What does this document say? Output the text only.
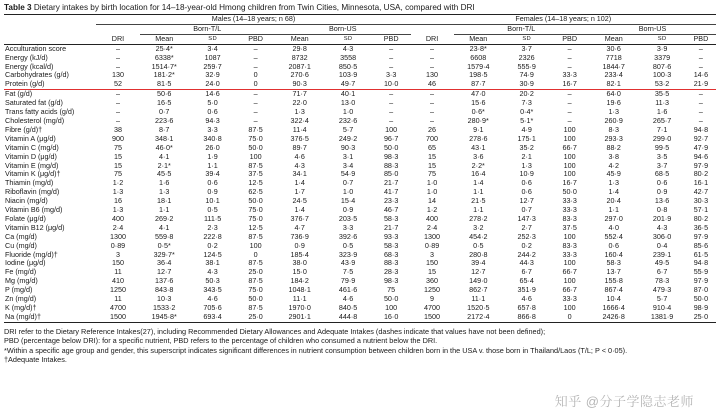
Table 3 Dietary intakes by birth location for 14–18-year-old Hmong children from Twin Cities, Minnesota, USA, compared with DRI
	Males (14–18 years; n 68)							Females (14–18 years; n 102)						
		Born-T/L			Born-US				Born-T/L			Born-US		
	DRI	Mean	SD	PBD	Mean	SD	PBD	DRI	Mean	SD	PBD	Mean	SD	PBD
Acculturation score	–	25·4*	3·4	–	29·8	4·3	–	–	23·8*	3·7	–	30·6	3·9	–
Energy (kJ/d)	–	6338*	1087	–	8732	3558	–	–	6608	2326	–	7718	3379	–
Energy (kcal/d)	–	1514·7*	259·7	–	2087·1	850·5	–	–	1579·4	555·9	–	1844·7	807·6	–
Carbohydrates (g/d)	130	181·2*	32·9	0	270·6	103·9	3·3	130	198·5	74·9	33·3	233·4	100·3	14·6
Protein (g/d)	52	81·5	24·0	0	90·3	49·7	10·0	46	87·7	30·9	16·7	82·1	53·2	21·9
Fat (g/d)	–	50·6	14·6	–	71·7	40·1	–	–	47·0	20·2	–	64·0	35·5	–
Saturated fat (g/d)	–	16·5	5·0	–	22·0	13·0	–	–	15·6	7·3	–	19·6	11·3	–
Trans fatty acids (g/d)	–	0·7	0·6	–	1·3	1·0	–	–	0·6*	0·4*	–	1·3	1·6	–
Cholesterol (mg/d)	–	223·6	94·3	–	322·4	232·6	–	–	280·9*	5·1*	–	260·9	265·7	–
Fibre (g/d)†	38	8·7	3·3	87·5	11·4	5·7	100	26	9·1	4·9	100	8·3	7·1	94·8
Vitamin A (μg/d)	900	348·1	340·8	75·0	376·5	249·2	96·7	700	278·6	175·1	100	293·3	299·0	92·7
Vitamin C (mg/d)	75	46·0*	26·0	50·0	89·7	90·3	50·0	65	43·1	35·2	66·7	88·2	99·5	47·9
Vitamin D (μg/d)	15	4·1	1·9	100	4·6	3·1	98·3	15	3·6	2·1	100	3·8	3·5	94·6
Vitamin E (mg/d)	15	2·1*	1·1	87·5	4·3	3·4	88·3	15	2·2*	1·3	100	4·2	3·7	97·9
Vitamin K (μg/d)†	75	45·5	39·4	37·5	34·1	54·9	85·0	75	16·4	10·9	100	45·9	68·5	80·2
Thiamin (mg/d)	1·2	1·6	0·6	12·5	1·4	0·7	21·7	1·0	1·4	0·6	16·7	1·3	0·6	16·1
Riboflavin (mg/d)	1·3	1·3	0·9	62·5	1·7	1·0	41·7	1·0	1·1	0·6	50·0	1·4	0·9	42·7
Niacin (mg/d)	16	18·1	10·1	50·0	24·5	15·4	23·3	14	21·5	12·7	33·3	20·4	13·6	30·3
Vitamin B6 (mg/d)	1·3	1·1	0·5	75·0	1·4	0·9	46·7	1·2	1·1	0·7	33·3	1·1	0·8	57·1
Folate (μg/d)	400	269·2	111·5	75·0	376·7	203·5	58·3	400	278·2	147·3	83·3	297·0	201·9	80·2
Vitamin B12 (μg/d)	2·4	4·1	2·3	12·5	4·7	3·3	21·7	2·4	3·2	2·7	37·5	4·0	4·3	36·5
Ca (mg/d)	1300	559·8	222·8	87·5	736·9	392·6	93·3	1300	454·2	252·3	100	552·4	306·0	97·9
Cu (mg/d)	0·89	0·5*	0·2	100	0·9	0·5	58·3	0·89	0·5	0·2	83·3	0·6	0·4	85·6
Fluoride (mg/d)†	3	329·7*	124·5	0	185·4	323·9	68·3	3	280·8	244·2	33·3	160·4	239·1	61·5
Iodine (μg/d)	150	36·4	38·1	87·5	38·0	43·9	88·3	150	39·4	44·3	100	58·3	49·5	94·8
Fe (mg/d)	11	12·7	4·3	25·0	15·0	7·5	28·3	15	12·7	6·7	66·7	13·7	6·7	55·9
Mg (mg/d)	410	137·6	50·3	87·5	184·2	79·9	98·3	360	149·0	65·4	100	155·8	78·3	97·9
P (mg/d)	1250	843·8	343·5	75·0	1048·1	461·6	75	1250	862·7	351·9	66·7	867·4	479·3	87·0
Zn (mg/d)	11	10·3	4·6	50·0	11·1	4·6	50·0	9	11·1	4·6	33·3	10·4	5·7	50·0
K (mg/d)†	4700	1533·2	705·6	87·5	1970·0	840·5	100	4700	1520·5	657·8	100	1666·4	910·4	98·9
Na (mg/d)†	1500	1945·8*	693·4	25·0	2901·1	444·8	16·0	1500	2172·4	866·8	0	2426·8	1381·9	25·0
DRI refer to the Dietary Reference Intakes(27), including Recommended Dietary Allowances and Adequate Intakes (dashes indicate that values have not been defined);
PBD (percentage below DRI): for a specific nutrient, PBD refers to the percentage of children who consumed a nutrient below the DRI.
*Within a specific age group and gender, this superscript indicates significant differences in nutrient consumption between children born in the USA v. those born in Thailand/Laos (T/L; P < 0·05).
†Adequate Intakes.
知乎 @分子学隐志老师
